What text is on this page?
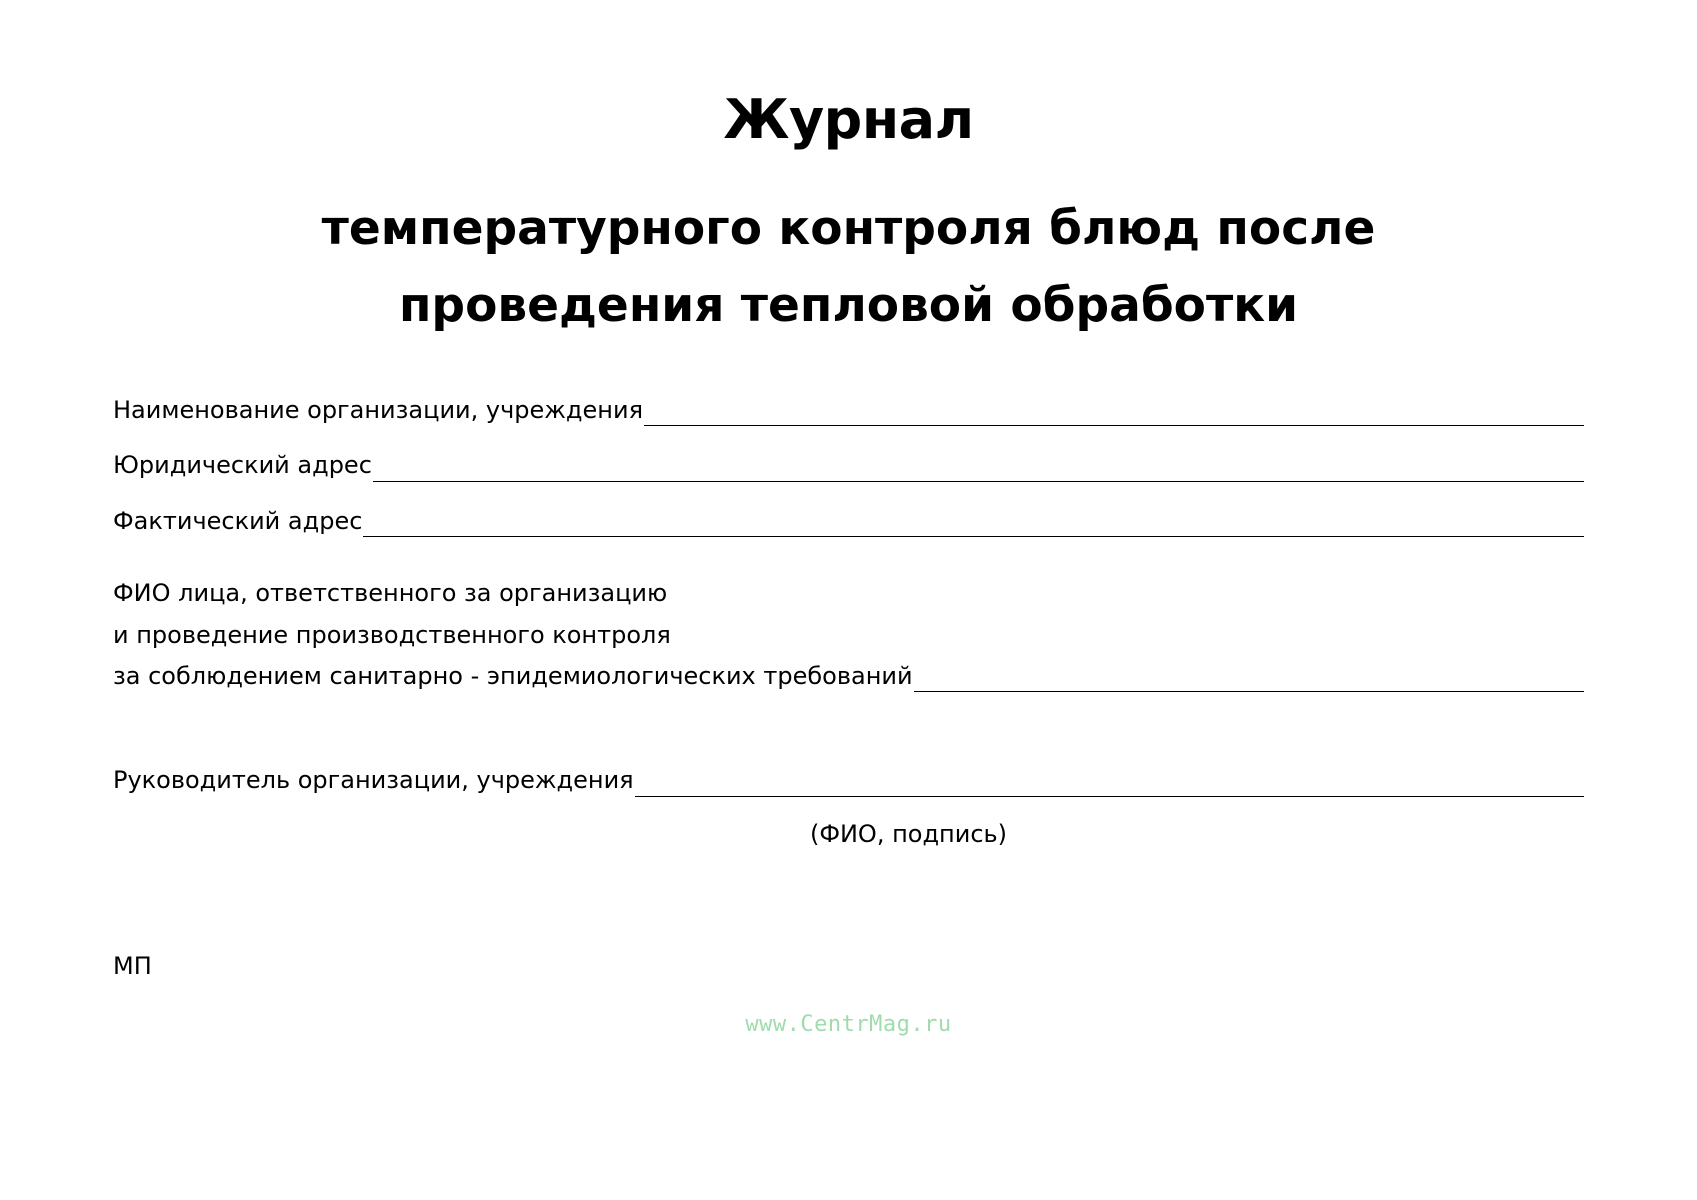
Журнал
температурного контроля блюд после
проведения тепловой обработки
Наименование организации, учреждения
Юридический адрес
Фактический адрес
ФИО лица, ответственного за организацию
и проведение производственного контроля
за соблюдением санитарно - эпидемиологических требований
Руководитель организации, учреждения
(ФИО, подпись)
МП
www.CentrMag.ru
